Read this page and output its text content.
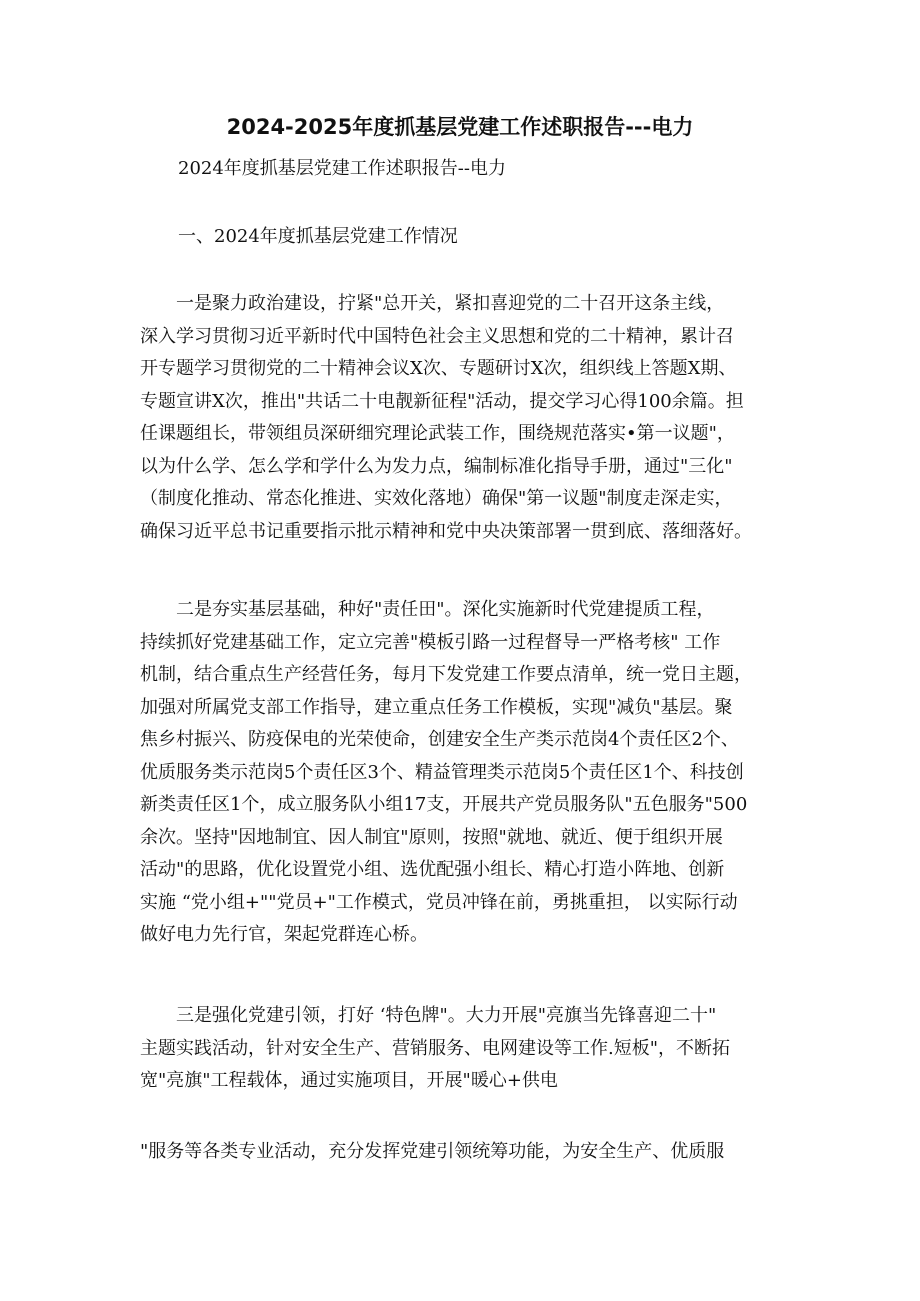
2024-2025年度抓基层党建工作述职报告---电力

2024年度抓基层党建工作述职报告--电力

一、2024年度抓基层党建工作情况

　　一是聚力政治建设，拧紧"总开关，紧扣喜迎党的二十召开这条主线，
深入学习贯彻习近平新时代中国特色社会主义思想和党的二十精神，累计召
开专题学习贯彻党的二十精神会议X次、专题研讨X次，组织线上答题X期、
专题宣讲X次，推出"共话二十电靓新征程"活动，提交学习心得100余篇。担
任课题组长，带领组员深研细究理论武装工作，围绕规范落实•第一议题"，
以为什么学、怎么学和学什么为发力点，编制标准化指导手册，通过"三化"
（制度化推动、常态化推进、实效化落地）确保"第一议题"制度走深走实，
确保习近平总书记重要指示批示精神和党中央决策部署一贯到底、落细落好。
　　二是夯实基层基础，种好"责任田"。深化实施新时代党建提质工程，
持续抓好党建基础工作，定立完善"模板引路一过程督导一严格考核" 工作
机制，结合重点生产经营任务，每月下发党建工作要点清单，统一党日主题，
加强对所属党支部工作指导，建立重点任务工作模板，实现"减负"基层。聚
焦乡村振兴、防疫保电的光荣使命，创建安全生产类示范岗4个责任区2个、
优质服务类示范岗5个责任区3个、精益管理类示范岗5个责任区1个、科技创
新类责任区1个，成立服务队小组17支，开展共产党员服务队"五色服务"500
余次。坚持"因地制宜、因人制宜"原则，按照"就地、就近、便于组织开展
活动"的思路，优化设置党小组、选优配强小组长、精心打造小阵地、创新
实施 “党小组+""党员+"工作模式，党员冲锋在前，勇挑重担， 以实际行动
做好电力先行官，架起党群连心桥。
　　三是强化党建引领，打好 ‘特色牌"。大力开展"亮旗当先锋喜迎二十"
主题实践活动，针对安全生产、营销服务、电网建设等工作.短板"，不断拓
宽"亮旗"工程载体，通过实施项目，开展"暖心+供电
"服务等各类专业活动，充分发挥党建引领统筹功能，为安全生产、优质服
